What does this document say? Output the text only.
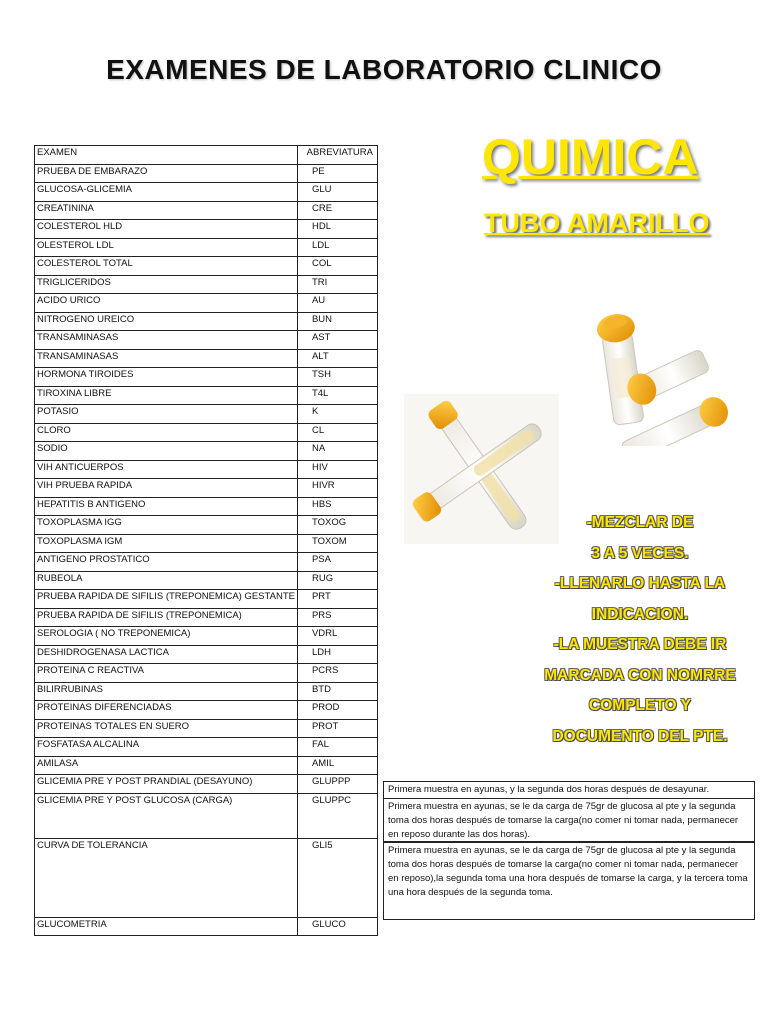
EXAMENES DE LABORATORIO CLINICO
EXAMEN	ABREVIATURA
PRUEBA DE EMBARAZO	PE
GLUCOSA-GLICEMIA	GLU
CREATININA	CRE
COLESTEROL HLD	HDL
OLESTEROL LDL	LDL
COLESTEROL TOTAL	COL
TRIGLICERIDOS	TRI
ACIDO URICO	AU
NITROGENO UREICO	BUN
TRANSAMINASAS	AST
TRANSAMINASAS	ALT
HORMONA TIROIDES	TSH
TIROXINA LIBRE	T4L
POTASIO	K
CLORO	CL
SODIO	NA
VIH ANTICUERPOS	HIV
VIH PRUEBA RAPIDA	HIVR
HEPATITIS B ANTIGENO	HBS
TOXOPLASMA IGG	TOXOG
TOXOPLASMA IGM	TOXOM
ANTIGENO PROSTATICO	PSA
RUBEOLA	RUG
PRUEBA RAPIDA DE SIFILIS (TREPONEMICA) GESTANTE	PRT
PRUEBA RAPIDA DE SIFILIS (TREPONEMICA)	PRS
SEROLOGIA ( NO TREPONEMICA)	VDRL
DESHIDROGENASA LACTICA	LDH
PROTEINA C REACTIVA	PCRS
BILIRRUBINAS	BTD
PROTEINAS DIFERENCIADAS	PROD
PROTEINAS TOTALES EN SUERO	PROT
FOSFATASA ALCALINA	FAL
AMILASA	AMIL
GLICEMIA PRE Y POST PRANDIAL (DESAYUNO)	GLUPPP
GLICEMIA PRE Y POST GLUCOSA (CARGA)	GLUPPC
CURVA DE TOLERANCIA	GLI5
GLUCOMETRIA	GLUCO
Primera muestra en ayunas, y la segunda dos horas después de desayunar.
Primera muestra en ayunas, se le da carga de 75gr de glucosa al pte y la segunda toma dos horas después de tomarse la carga(no comer ni tomar nada, permanecer en reposo durante las dos horas).
Primera muestra en ayunas, se le da carga de 75gr de glucosa al pte y la segunda toma dos horas después de tomarse la carga(no comer ni tomar nada, permanecer en reposo),la segunda toma una hora después de tomarse la carga, y la tercera toma una hora después de la segunda toma.
QUIMICA
TUBO AMARILLO
-MEZCLAR DE
3 A 5 VECES.
-LLENARLO HASTA LA
INDICACION.
-LA MUESTRA DEBE IR
MARCADA CON NOMRRE
COMPLETO Y
DOCUMENTO DEL PTE.
